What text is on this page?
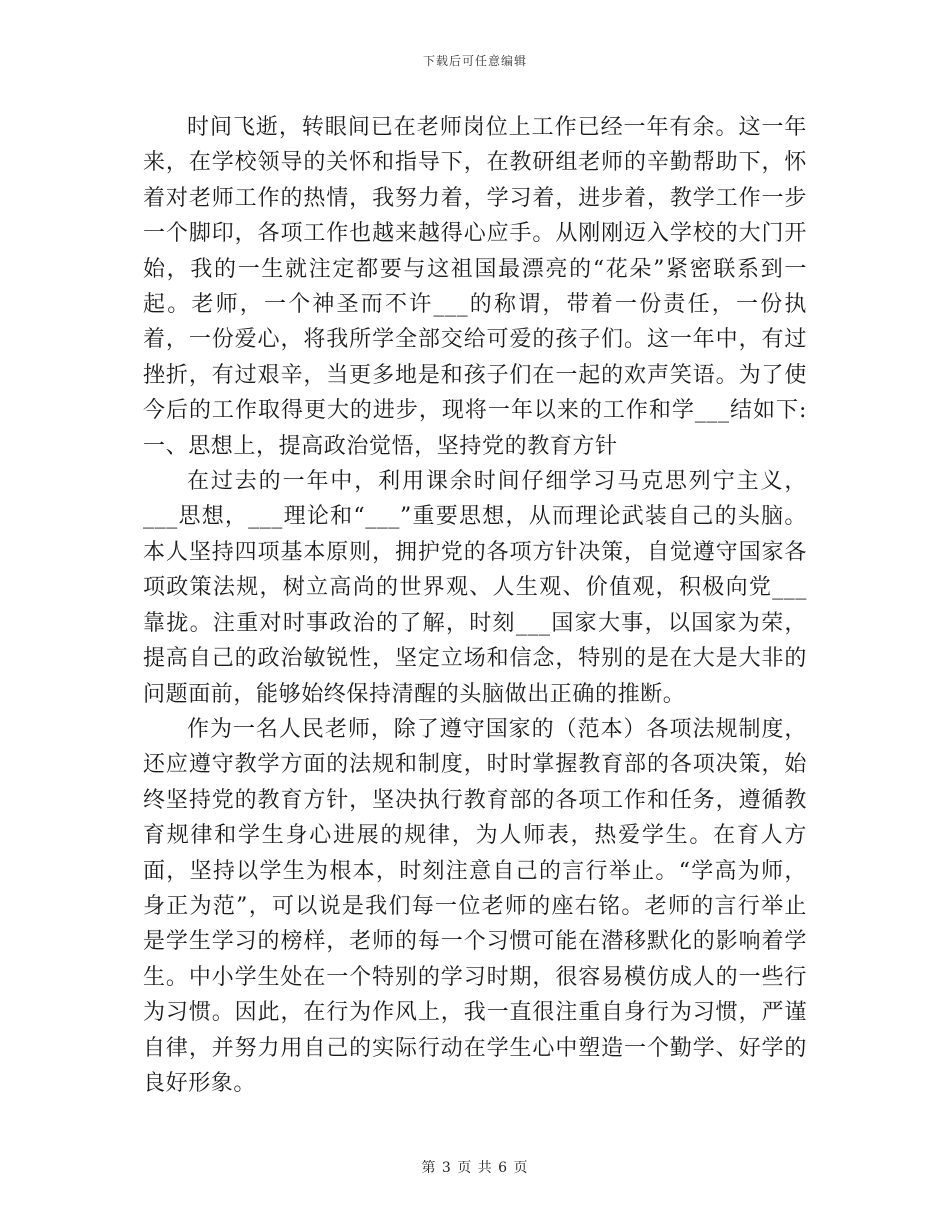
下载后可任意编辑

时间飞逝，转眼间已在老师岗位上工作已经一年有余。这一年来，在学校领导的关怀和指导下，在教研组老师的辛勤帮助下，怀着对老师工作的热情，我努力着，学习着，进步着，教学工作一步一个脚印，各项工作也越来越得心应手。从刚刚迈入学校的大门开始，我的一生就注定都要与这祖国最漂亮的“花朵”紧密联系到一起。老师，一个神圣而不许___的称谓，带着一份责任，一份执着，一份爱心，将我所学全部交给可爱的孩子们。这一年中，有过挫折，有过艰辛，当更多地是和孩子们在一起的欢声笑语。为了使今后的工作取得更大的进步，现将一年以来的工作和学___结如下:一、思想上，提高政治觉悟，坚持党的教育方针

在过去的一年中，利用课余时间仔细学习马克思列宁主义，___思想，___理论和“___”重要思想，从而理论武装自己的头脑。本人坚持四项基本原则，拥护党的各项方针决策，自觉遵守国家各项政策法规，树立高尚的世界观、人生观、价值观，积极向党___靠拢。注重对时事政治的了解，时刻___国家大事，以国家为荣，提高自己的政治敏锐性，坚定立场和信念，特别的是在大是大非的问题面前，能够始终保持清醒的头脑做出正确的推断。

作为一名人民老师，除了遵守国家的（范本）各项法规制度，还应遵守教学方面的法规和制度，时时掌握教育部的各项决策，始终坚持党的教育方针，坚决执行教育部的各项工作和任务，遵循教育规律和学生身心进展的规律，为人师表，热爱学生。在育人方面，坚持以学生为根本，时刻注意自己的言行举止。“学高为师，身正为范”，可以说是我们每一位老师的座右铭。老师的言行举止是学生学习的榜样，老师的每一个习惯可能在潜移默化的影响着学生。中小学生处在一个特别的学习时期，很容易模仿成人的一些行为习惯。因此，在行为作风上，我一直很注重自身行为习惯，严谨自律，并努力用自己的实际行动在学生心中塑造一个勤学、好学的良好形象。

第 3 页 共 6 页
